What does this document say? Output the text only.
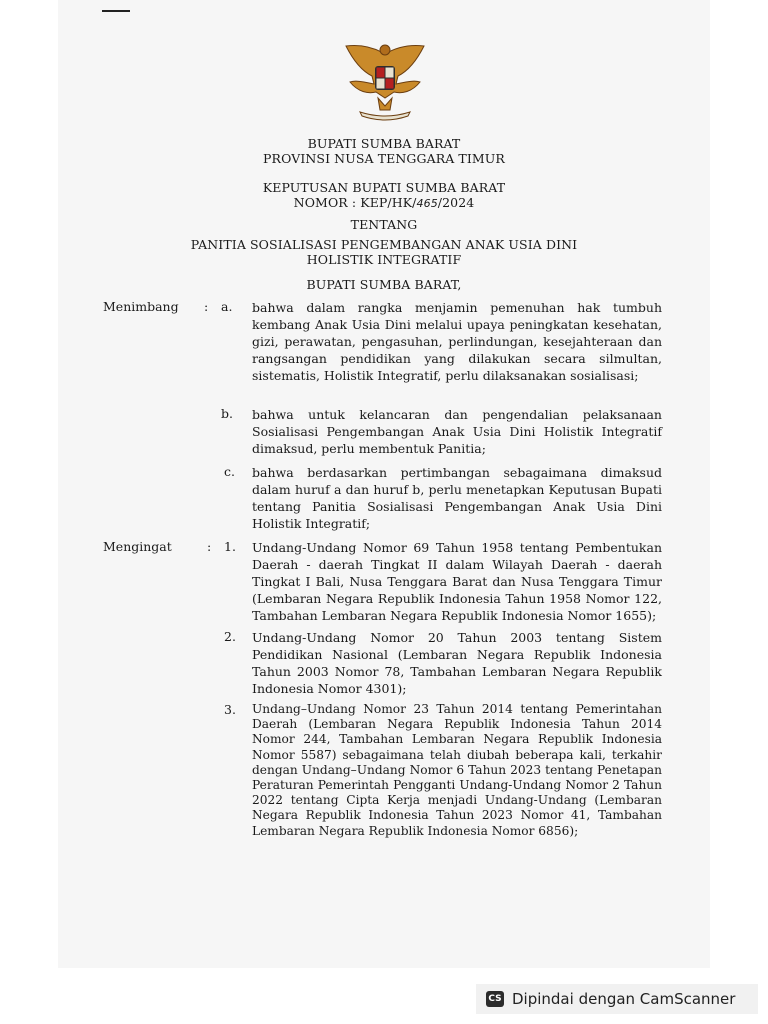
BUPATI SUMBA BARAT
PROVINSI NUSA TENGGARA TIMUR
KEPUTUSAN BUPATI SUMBA BARAT
NOMOR : KEP/HK/465/2024
TENTANG
PANITIA SOSIALISASI PENGEMBANGAN ANAK USIA DINI
HOLISTIK INTEGRATIF
BUPATI SUMBA BARAT,
Menimbang : a. bahwa dalam rangka menjamin pemenuhan hak tumbuh kembang Anak Usia Dini melalui upaya peningkatan kesehatan, gizi, perawatan, pengasuhan, perlindungan, kesejahteraan dan rangsangan pendidikan yang dilakukan secara silmultan, sistematis, Holistik Integratif, perlu dilaksanakan sosialisasi;
b. bahwa untuk kelancaran dan pengendalian pelaksanaan Sosialisasi Pengembangan Anak Usia Dini Holistik Integratif dimaksud, perlu membentuk Panitia;
c. bahwa berdasarkan pertimbangan sebagaimana dimaksud dalam huruf a dan huruf b, perlu menetapkan Keputusan Bupati tentang Panitia Sosialisasi Pengembangan Anak Usia Dini Holistik Integratif;
Mengingat	: 1. Undang-Undang Nomor 69 Tahun 1958 tentang Pembentukan Daerah - daerah Tingkat II dalam Wilayah Daerah - daerah Tingkat I Bali, Nusa Tenggara Barat dan Nusa Tenggara Timur (Lembaran Negara Republik Indonesia Tahun 1958 Nomor 122, Tambahan Lembaran Negara Republik Indonesia Nomor 1655);
2. Undang-Undang Nomor 20 Tahun 2003 tentang Sistem Pendidikan Nasional (Lembaran Negara Republik Indonesia Tahun 2003 Nomor 78, Tambahan Lembaran Negara Republik Indonesia Nomor 4301);
3. Undang–Undang Nomor 23 Tahun 2014 tentang Pemerintahan Daerah (Lembaran Negara Republik Indonesia Tahun 2014 Nomor 244, Tambahan Lembaran Negara Republik Indonesia Nomor 5587) sebagaimana telah diubah beberapa kali, terkahir dengan Undang–Undang Nomor 6 Tahun 2023 tentang Penetapan Peraturan Pemerintah Pengganti Undang-Undang Nomor 2 Tahun 2022 tentang Cipta Kerja menjadi Undang-Undang (Lembaran Negara Republik Indonesia Tahun 2023 Nomor 41, Tambahan Lembaran Negara Republik Indonesia Nomor 6856);
CS Dipindai dengan CamScanner
